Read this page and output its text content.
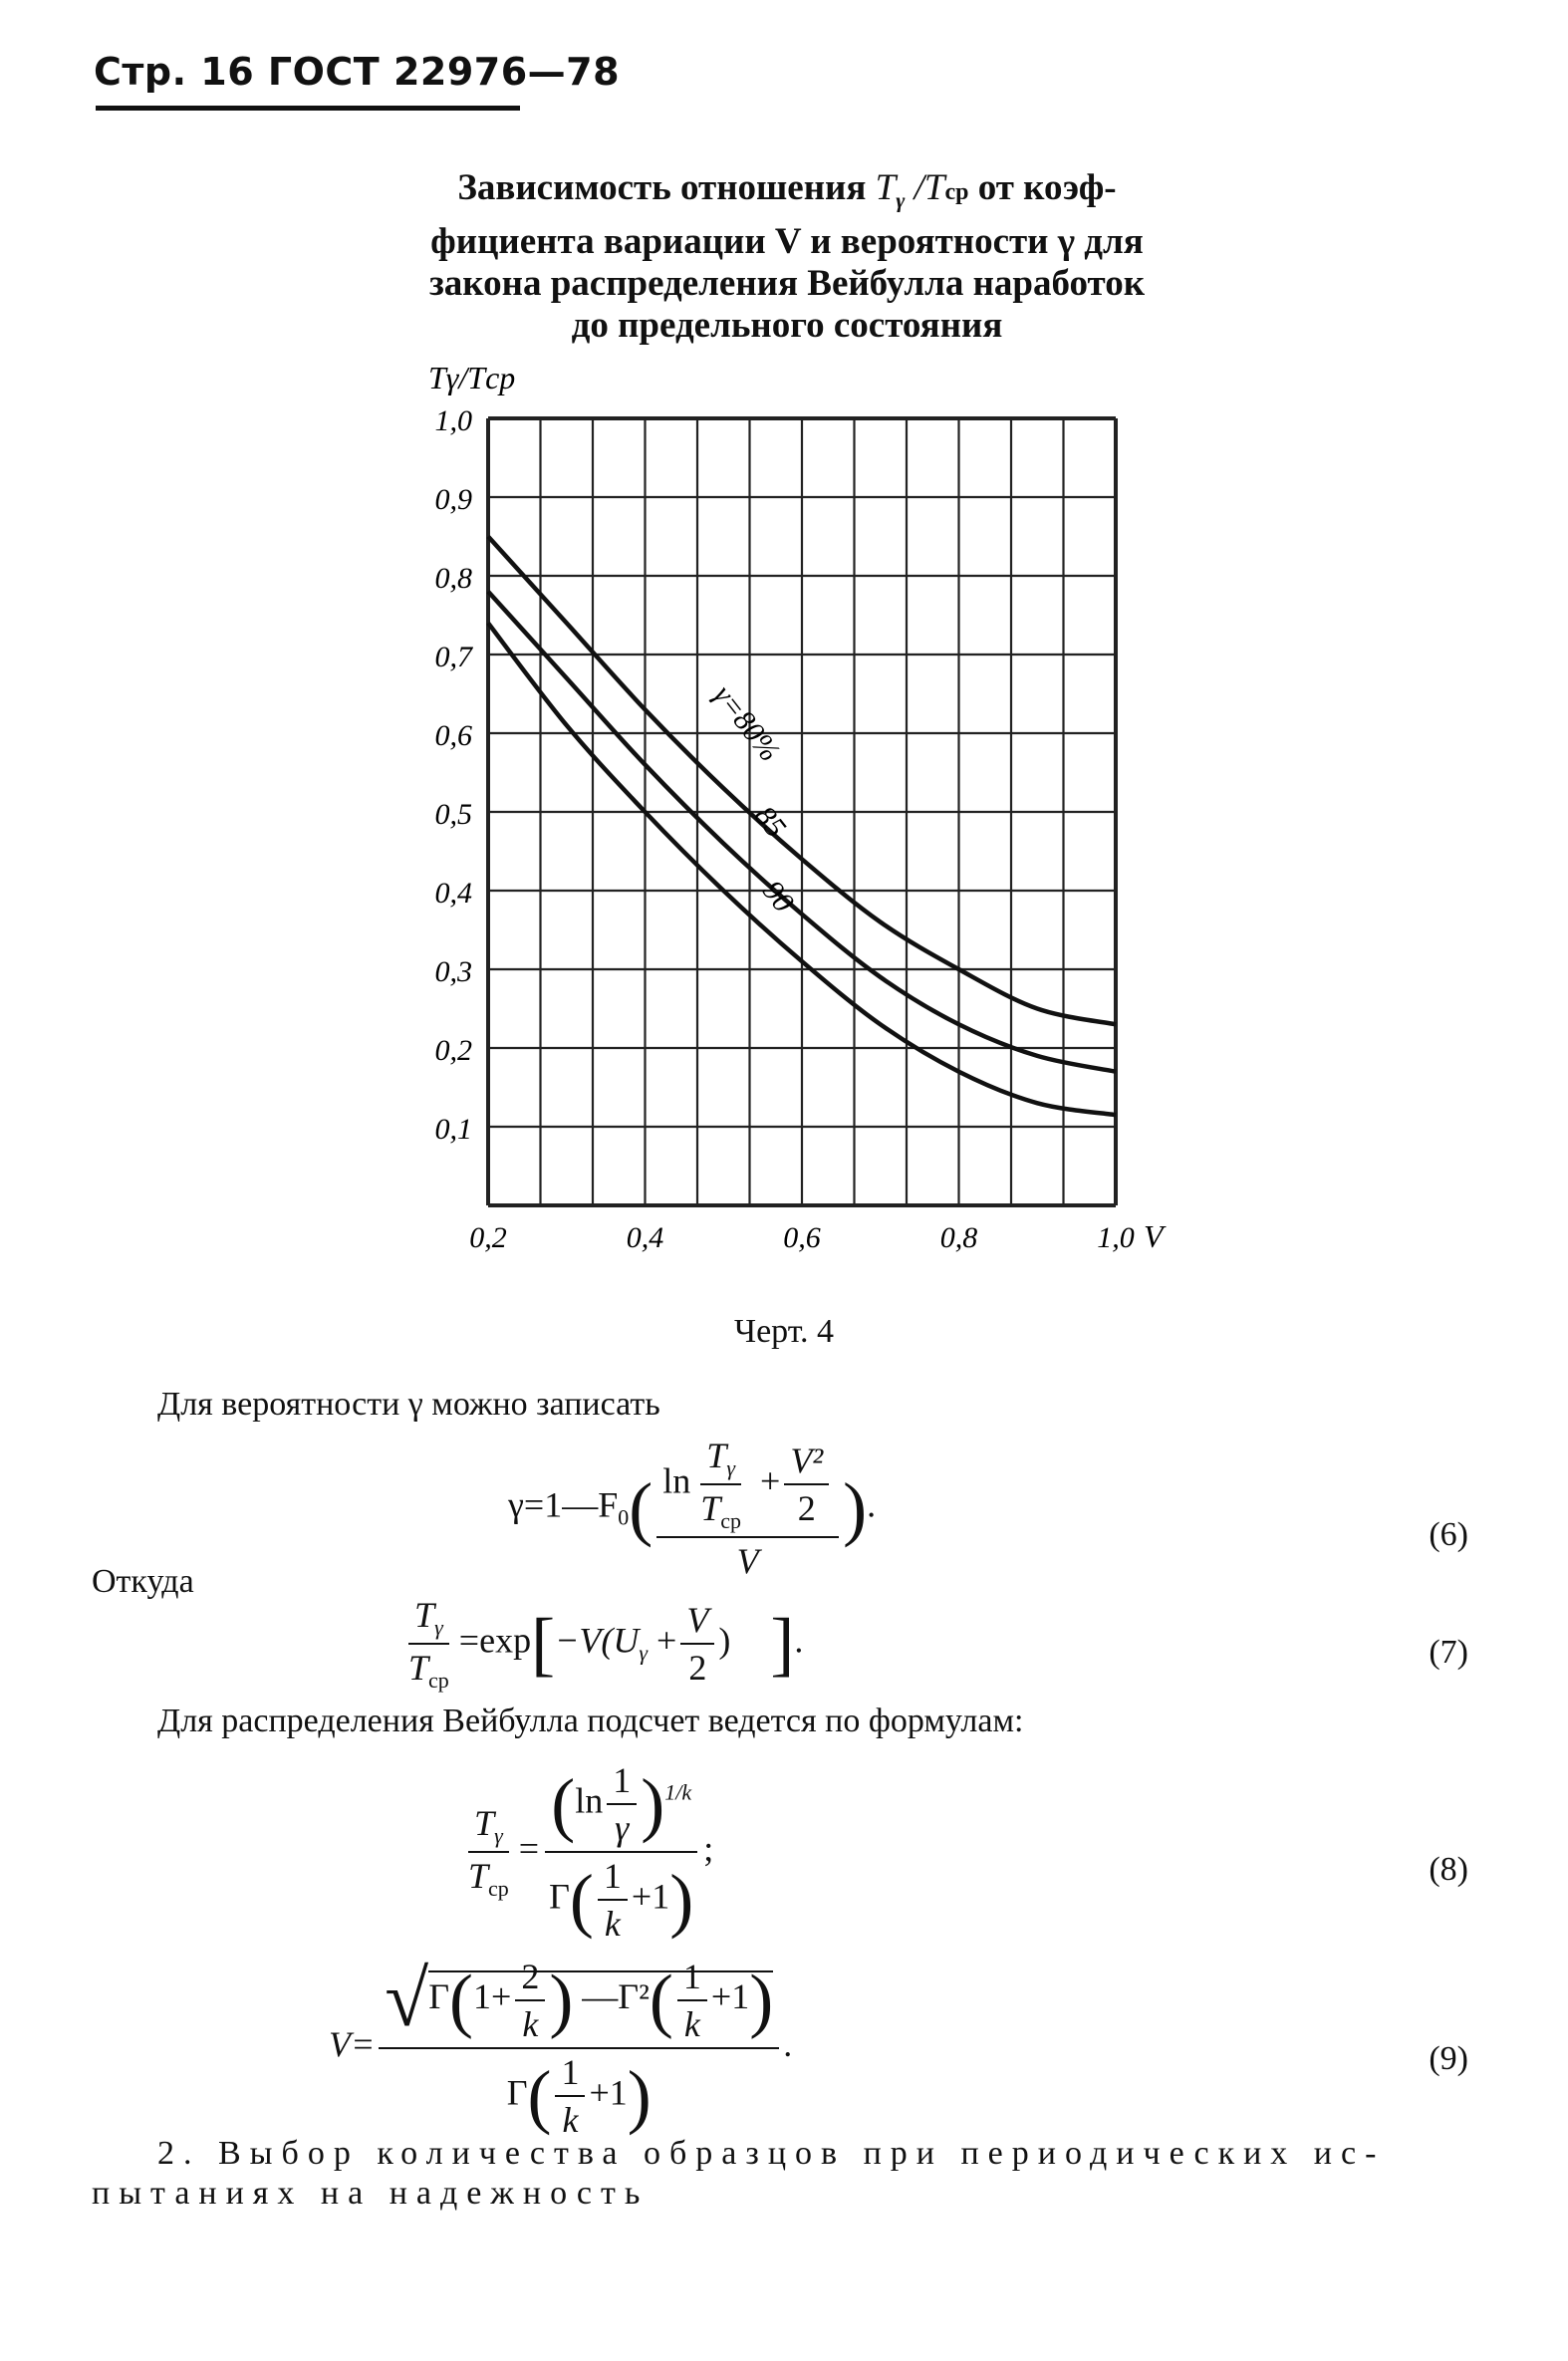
Стр. 16 ГОСТ 22976—78
Зависимость отношения $T_\gamma$ /Tср от коэф-
фициента вариации V и вероятности γ для
закона распределения Вейбулла наработок
до предельного состояния
0,1
0,2
0,3
0,4
0,5
0,6
0,7
0,8
0,9
1,0
0,2	0,4	0,6	0,8	1,0
Tγ/Tср
V
γ=80%
85
90
Черт. 4
Для вероятности γ можно записать
$\gamma=1—F_0( \frac{\ln \frac{T_\gamma}{T_{ср}} + \frac{\text{V²}}{2}}{V}$ ).
(6)
Откуда
$\frac{T_\gamma}{T_{ср}} =\exp[-V(U_\gamma + \frac{V}{2}$ ) ].	(7)
Для распределения Вейбулла подсчет ведется по формулам:
$\frac{T_\gamma}{T_{ср}} = \frac{(\ln \frac{1}{\gamma} )^{1/k}}{\Gamma( \frac{1}{k} +1)}$ ;
(8)
$V= \frac{√\Gamma(1+ \frac{2}{k} ) —\Gamma^2( \frac{1}{k} +1)}{\Gamma( \frac{1}{k} +1)}$ .	(9)
2. Выбор количества образцов при периодических ис-
пытаниях на надежность
